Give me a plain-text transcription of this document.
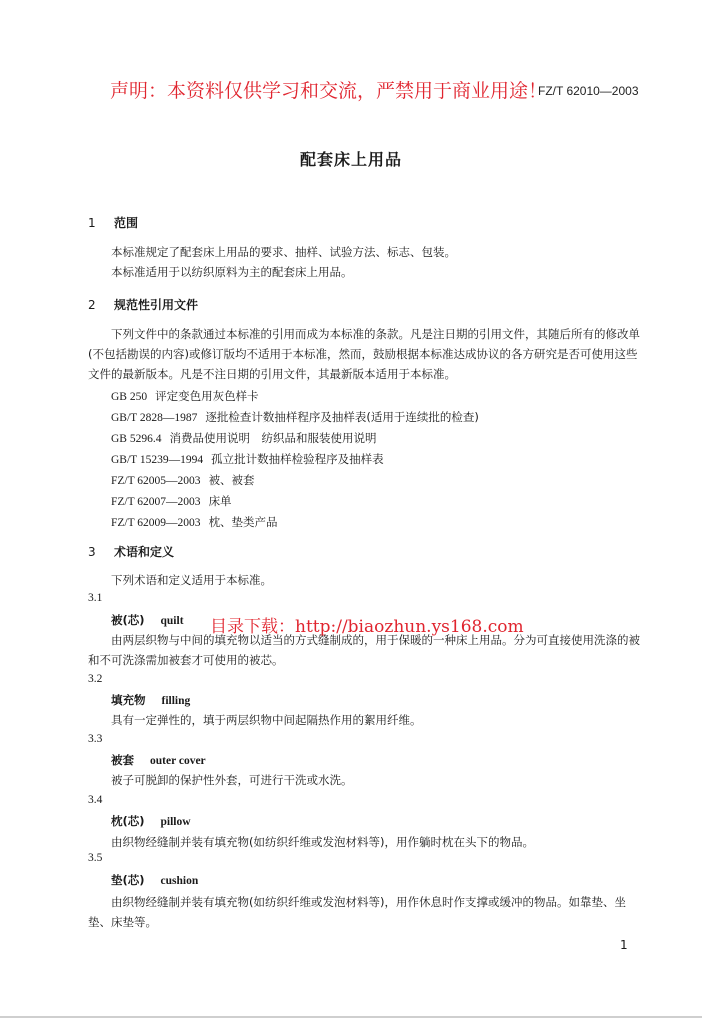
FZ/T 62010—2003
声明：本资料仅供学习和交流，严禁用于商业用途！
配套床上用品
1 范围

本标准规定了配套床上用品的要求、抽样、试验方法、标志、包装。

本标准适用于以纺织原料为主的配套床上用品。

2 规范性引用文件

下列文件中的条款通过本标准的引用而成为本标准的条款。凡是注日期的引用文件，其随后所有的修改单(不包括勘误的内容)或修订版均不适用于本标准，然而，鼓励根据本标准达成协议的各方研究是否可使用这些文件的最新版本。凡是不注日期的引用文件，其最新版本适用于本标准。

GB 250 评定变色用灰色样卡
GB/T 2828—1987 逐批检查计数抽样程序及抽样表(适用于连续批的检查)
GB 5296.4 消费品使用说明　纺织品和服装使用说明
GB/T 15239—1994 孤立批计数抽样检验程序及抽样表
FZ/T 62005—2003 被、被套
FZ/T 62007—2003 床单
FZ/T 62009—2003 枕、垫类产品
3 术语和定义

下列术语和定义适用于本标准。

3.1
被(芯) quilt 目录下载：http://biaozhun.ys168.com

由两层织物与中间的填充物以适当的方式缝制成的，用于保暖的一种床上用品。分为可直接使用洗涤的被和不可洗涤需加被套才可使用的被芯。

3.2
填充物 filling

具有一定弹性的，填于两层织物中间起隔热作用的絮用纤维。

3.3
被套 outer cover

被子可脱卸的保护性外套，可进行干洗或水洗。

3.4
枕(芯) pillow

由织物经缝制并装有填充物(如纺织纤维或发泡材料等)，用作躺时枕在头下的物品。

3.5
垫(芯) cushion

由织物经缝制并装有填充物(如纺织纤维或发泡材料等)，用作休息时作支撑或缓冲的物品。如靠垫、坐垫、床垫等。

1
